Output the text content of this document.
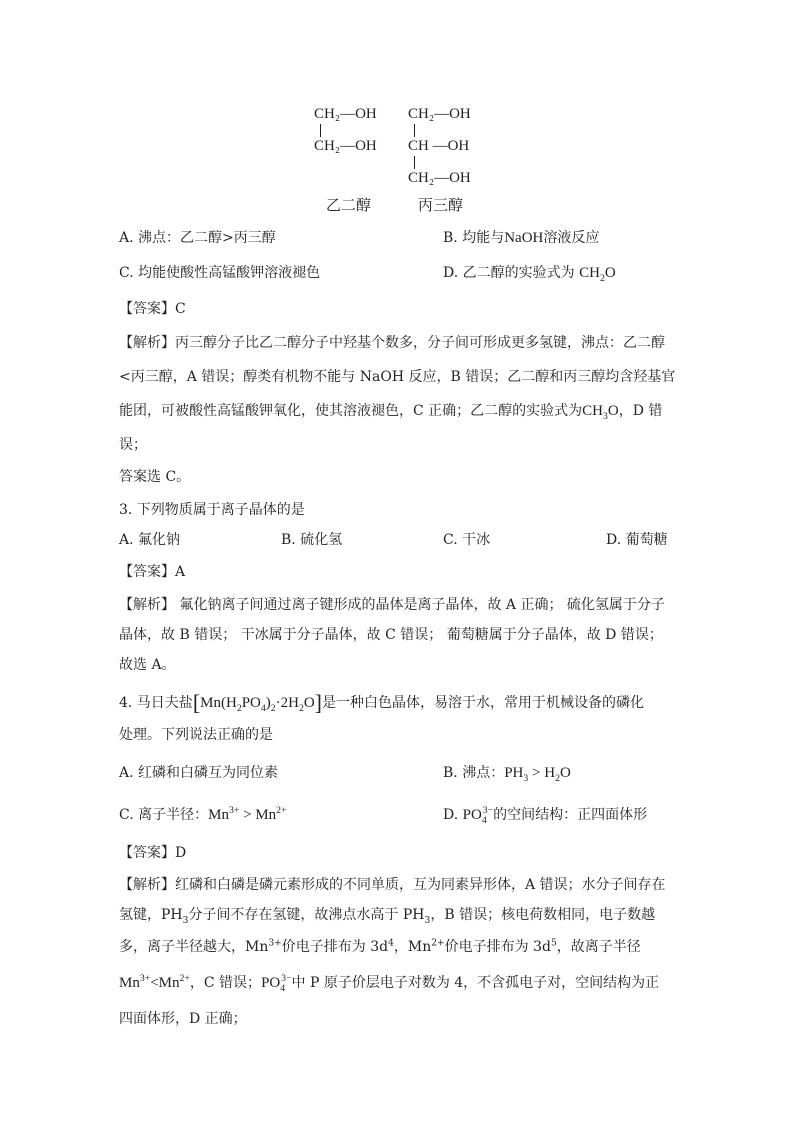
CH₂—OH
CH₂—OH
CH₂—OH
CH —OH
CH₂—OH
乙二醇	丙三醇
A. 沸点：乙二醇>丙三醇	B. 均能与NaOH溶液反应
C. 均能使酸性高锰酸钾溶液褪色	D. 乙二醇的实验式为 $CH_2O$
【答案】C
【解析】丙三醇分子比乙二醇分子中羟基个数多，分子间可形成更多氢键，沸点：乙二醇
<丙三醇，A 错误；醇类有机物不能与 NaOH 反应，B 错误；乙二醇和丙三醇均含羟基官
能团，可被酸性高锰酸钾氧化，使其溶液褪色，C 正确；乙二醇的实验式为$CH_3O$，D 错
误；
答案选 C。
3. 下列物质属于离子晶体的是
A. 氟化钠	B. 硫化氢	C. 干冰	D. 葡萄糖
【答案】A
【解析】 氟化钠离子间通过离子键形成的晶体是离子晶体，故 A 正确； 硫化氢属于分子
晶体，故 B 错误； 干冰属于分子晶体，故 C 错误； 葡萄糖属于分子晶体，故 D 错误；
故选 A。
4. 马日夫盐$[Mn(H_2PO_4)_2\cdot 2H_2O]$是一种白色晶体，易溶于水，常用于机械设备的磷化
处理。下列说法正确的是
A. 红磷和白磷互为同位素	B. 沸点：$PH_3 > H_2O$
C. 离子半径：$Mn^{3+} > Mn^{2+}$	D. $PO_4^{3-}$的空间结构：正四面体形
【答案】D
【解析】红磷和白磷是磷元素形成的不同单质，互为同素异形体，A 错误；水分子间存在
氢键，$PH_3$分子间不存在氢键，故沸点水高于 $PH_3$，B 错误；核电荷数相同，电子数越
多，离子半径越大，$Mn^{3+}$价电子排布为 $3d^4$，$Mn^{2+}$价电子排布为 $3d^5$，故离子半径
$Mn^{3+}<Mn^{2+}$，C 错误；$PO_4^{3-}$中 P 原子价层电子对数为 4，不含孤电子对，空间结构为正
四面体形，D 正确；
